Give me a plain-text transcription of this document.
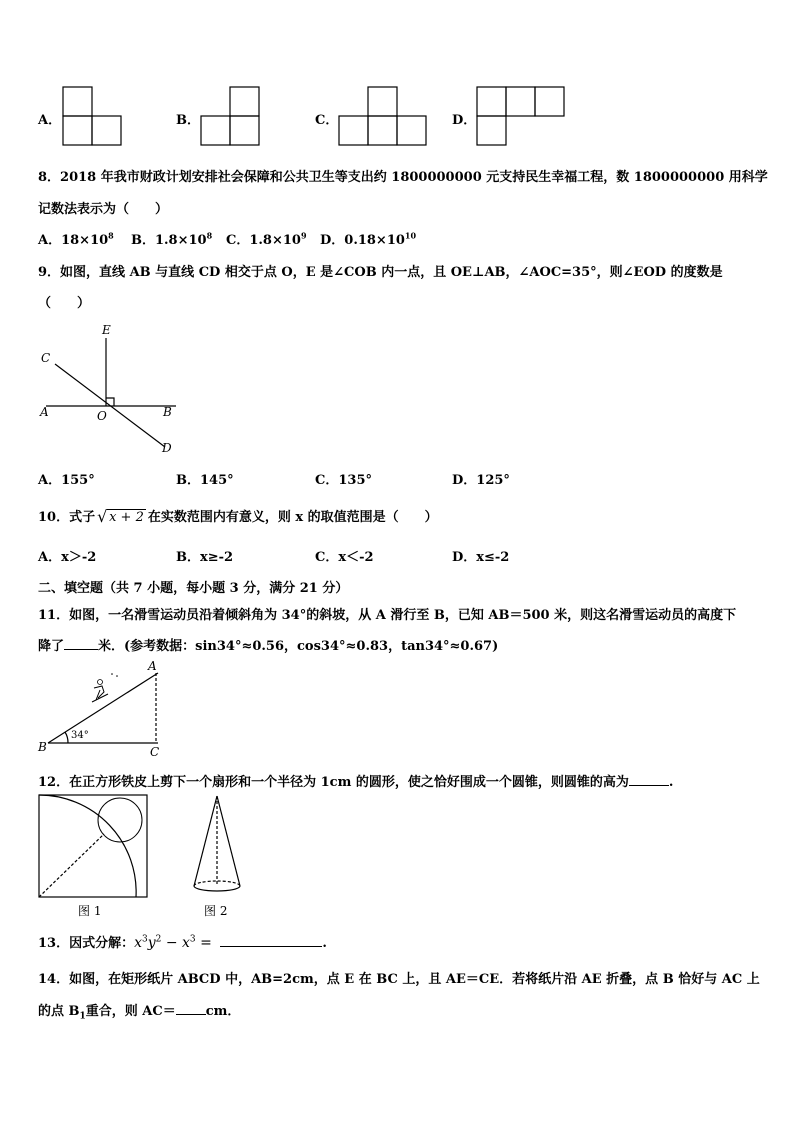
A．	B．	C．	D．
8．2018 年我市财政计划安排社会保障和公共卫生等支出约 1800000000 元支持民生幸福工程，数 1800000000 用科学
记数法表示为（　　）
A．$18\times 10^8$ B．$1.8\times 10^8$ C．$1.8\times 10^9$ D．$0.18\times 10^{10}$
9．如图，直线 AB 与直线 CD 相交于点 O，E 是∠COB 内一点，且 OE⊥AB，∠AOC=35°，则∠EOD 的度数是
（　　）
E
C
A	O	B
D
A．155°	B．145°	C．135°	D．125°
10．式子 √ x + 2 在实数范围内有意义，则 x 的取值范围是（　　）
A．x＞-2	B．x≥-2	C．x＜-2	D．x≤-2
二、填空题（共 7 小题，每小题 3 分，满分 21 分）
11．如图，一名滑雪运动员沿着倾斜角为 34°的斜坡，从 A 滑行至 B，已知 AB＝500 米，则这名滑雪运动员的高度下
降了	米．(参考数据：sin34°≈0.56，cos34°≈0.83，tan34°≈0.67)
A
B	C
34°
12．在正方形铁皮上剪下一个扇形和一个半径为 1cm 的圆形，使之恰好围成一个圆锥，则圆锥的高为	.
图 1	图 2
13．因式分解：$x^3y^2 - x^3$ =	.
14．如图，在矩形纸片 ABCD 中，AB=2cm，点 E 在 BC 上，且 AE＝CE．若将纸片沿 AE 折叠，点 B 恰好与 AC 上
的点 $B_1$重合，则 AC＝ cm．
